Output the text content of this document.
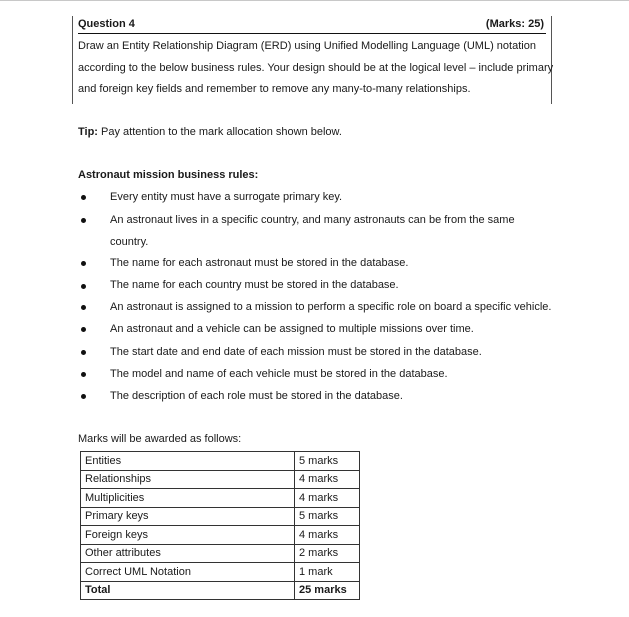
Question 4	(Marks: 25)
Draw an Entity Relationship Diagram (ERD) using Unified Modelling Language (UML) notation
according to the below business rules. Your design should be at the logical level – include primary
and foreign key fields and remember to remove any many-to-many relationships.
Tip: Pay attention to the mark allocation shown below.
Astronaut mission business rules:
Every entity must have a surrogate primary key.
An astronaut lives in a specific country, and many astronauts can be from the same
country.
The name for each astronaut must be stored in the database.
The name for each country must be stored in the database.
An astronaut is assigned to a mission to perform a specific role on board a specific vehicle.
An astronaut and a vehicle can be assigned to multiple missions over time.
The start date and end date of each mission must be stored in the database.
The model and name of each vehicle must be stored in the database.
The description of each role must be stored in the database.
Marks will be awarded as follows:
Entities	5 marks
Relationships	4 marks
Multiplicities	4 marks
Primary keys	5 marks
Foreign keys	4 marks
Other attributes	2 marks
Correct UML Notation	1 mark
Total	25 marks
